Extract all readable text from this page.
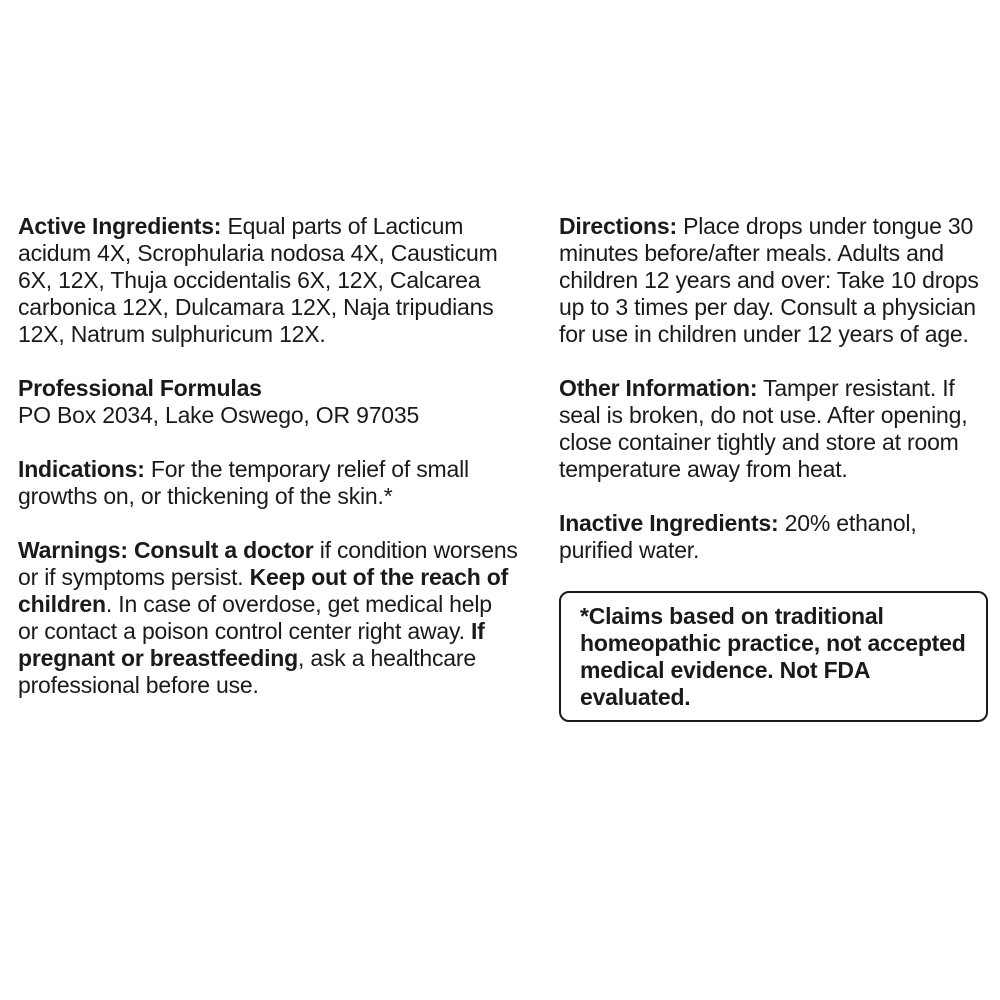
Active Ingredients: Equal parts of Lacticum acidum 4X, Scrophularia nodosa 4X, Causticum 6X, 12X, Thuja occidentalis 6X, 12X, Calcarea carbonica 12X, Dulcamara 12X, Naja tripudians 12X, Natrum sulphuricum 12X.

Professional Formulas
PO Box 2034, Lake Oswego, OR 97035

Indications: For the temporary relief of small growths on, or thickening of the skin.*

Warnings: Consult a doctor if condition worsens or if symptoms persist. Keep out of the reach of children. In case of overdose, get medical help or contact a poison control center right away. If pregnant or breastfeeding, ask a healthcare professional before use.

Directions: Place drops under tongue 30 minutes before/after meals. Adults and children 12 years and over: Take 10 drops up to 3 times per day. Consult a physician for use in children under 12 years of age.

Other Information: Tamper resistant. If seal is broken, do not use. After opening, close container tightly and store at room temperature away from heat.

Inactive Ingredients: 20% ethanol, purified water.

*Claims based on traditional homeopathic practice, not accepted medical evidence. Not FDA evaluated.
